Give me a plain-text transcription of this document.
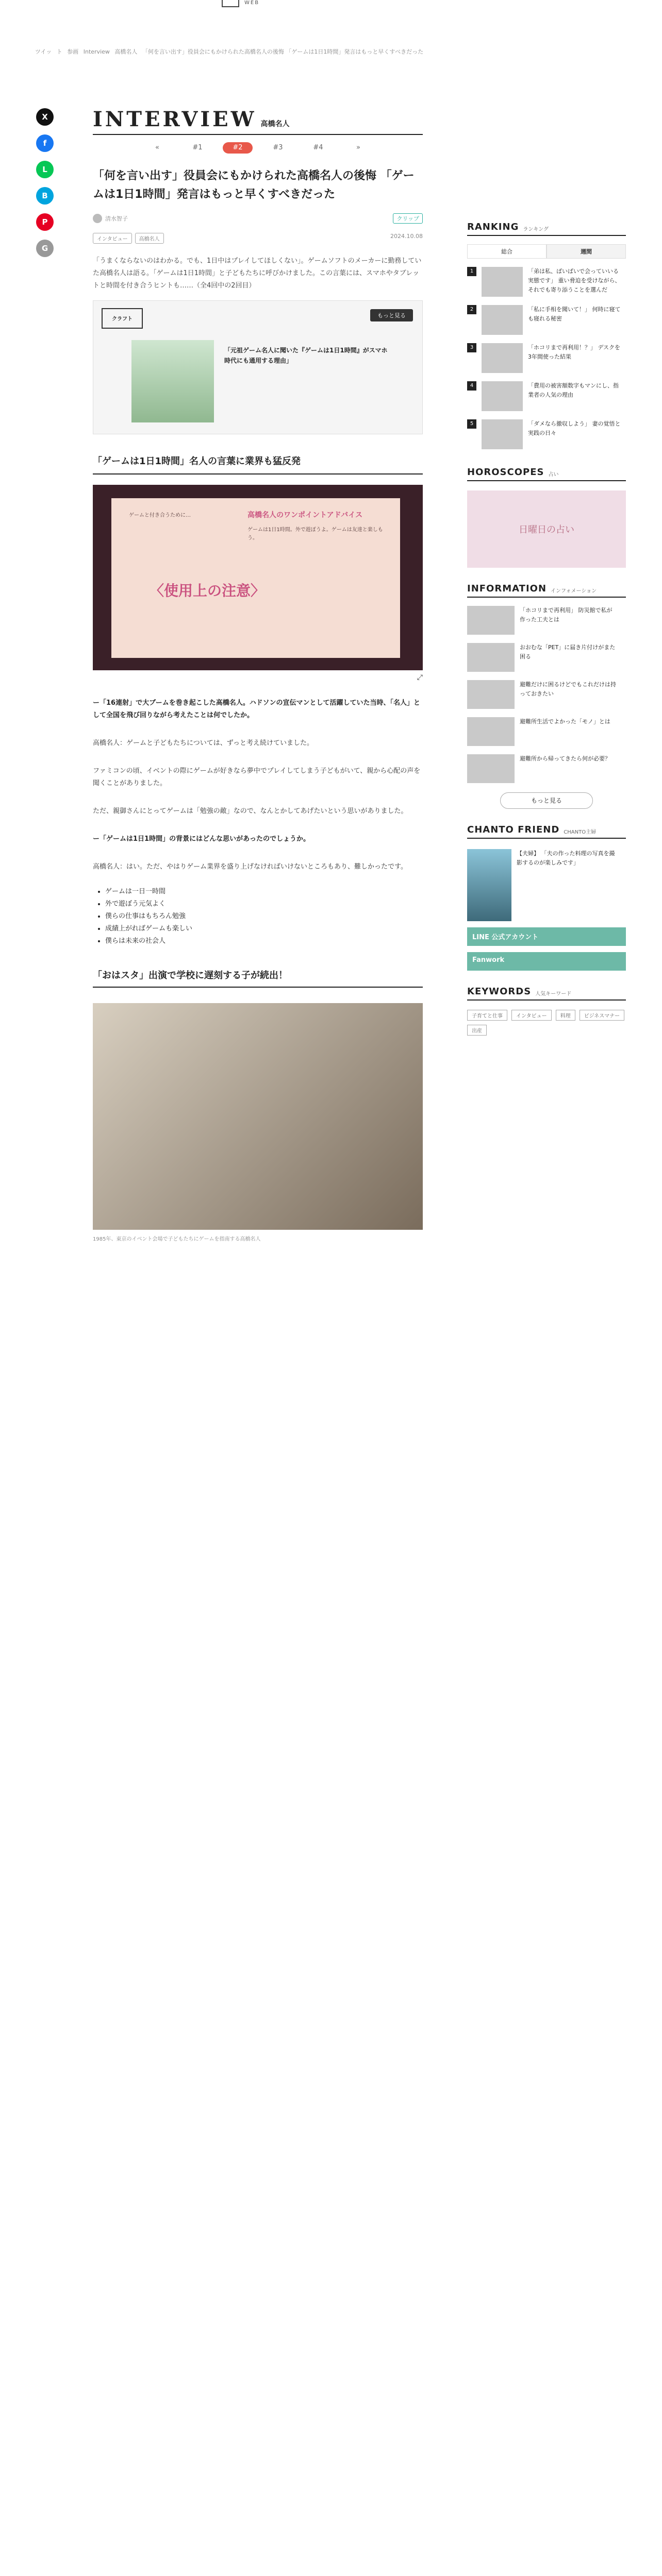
WEB
ツイッ ト 参画 Interview 高橋名人 「何を言い出す」役員会にもかけられた高橋名人の後悔 「ゲームは1日1時間」発言はもっと早くすべきだった
X
f
L
B
P
G
INTERVIEW 高橋名人
«	#1	#2	#3	#4	»
「何を言い出す」役員会にもかけられた高橋名人の後悔 「ゲームは1日1時間」発言はもっと早くすべきだった
清水智子	クリップ
インタビュー	高橋名人	2024.10.08

「うまくならないのはわかる。でも、1日中はプレイしてほしくない」。ゲームソフトのメーカーに勤務していた高橋名人は語る。「ゲームは1日1時間」と子どもたちに呼びかけました。この言葉には、スマホやタブレットと時間を付き合うヒントも……（全4回中の2回目）

クラフト
もっと見る
「元祖ゲーム名人に聞いた『ゲームは1日1時間』がスマホ時代にも通用する理由」
「ゲームは1日1時間」名人の言葉に業界も猛反発
ゲームと付き合うために…	高橋名人のワンポイントアドバイス
ゲームは1日1時間。外で遊ぼうよ。ゲームは友達と楽しもう。
〈使用上の注意〉
⤢

ー「16連射」で大ブームを巻き起こした高橋名人。ハドソンの宣伝マンとして活躍していた当時、「名人」として全国を飛び回りながら考えたことは何でしたか。

高橋名人：ゲームと子どもたちについては、ずっと考え続けていました。

ファミコンの頃、イベントの際にゲームが好きなら夢中でプレイしてしまう子どもがいて、親から心配の声を聞くことがありました。

ただ、親御さんにとってゲームは「勉強の敵」なので、なんとかしてあげたいという思いがありました。

ー「ゲームは1日1時間」の背景にはどんな思いがあったのでしょうか。

高橋名人：はい。ただ、やはりゲーム業界を盛り上げなければいけないところもあり、難しかったです。

• ゲームは一日一時間
• 外で遊ぼう元気よく
• 僕らの仕事はもちろん勉強
• 成績上がればゲームも楽しい
• 僕らは未来の社会人
「おはスタ」出演で学校に遅刻する子が続出！

1985年、東京のイベント会場で子どもたちにゲームを指南する高橋名人

RANKING ランキング
総合	週間
1	「弟は私、ばいばいで会っていいる実態です」 重い脅迫を受けながら、それでも寄り添うことを選んだ
2	「私に手相を聞いて！」 何時に寝ても寝れる秘密
3	「ホコリまで再利用！？」 デスクを3年間使った結果
4	「費用の被害額数字もマンにし、指業者の人気の理由
5	「ダメなら撤収しよう」 妻の覚悟と実践の日々
HOROSCOPES 占い
日曜日の占い
INFORMATION インフォメーション
「ホコリまで再利用」 防災館で私が作った工夫とは
おおむな「PET」に届き片付けがまた困る
避難だけに困るけどでもこれだけは持っておきたい
避難所生活でよかった「モノ」とは
避難所から帰ってきたら何が必要？
もっと見る
CHANTO FRIEND CHANTO主婦
【夫婦】 「夫の作った料理の写真を撮影するのが楽しみです」
LINE 公式アカウント
Fanwork
KEYWORDS 人気キーワード
子育てと仕事	インタビュー	料理	ビジネスマナー
出産
